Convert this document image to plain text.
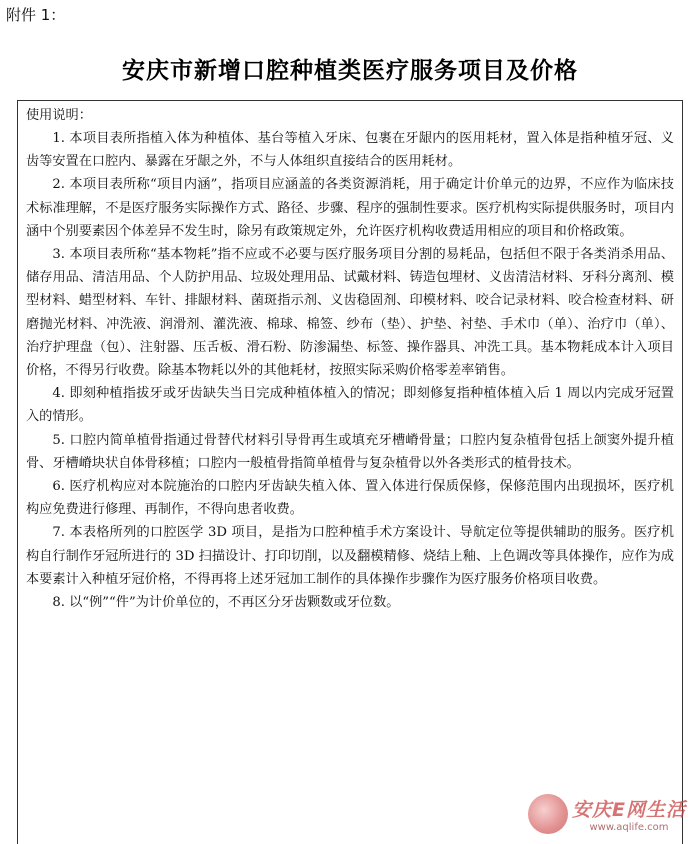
附件 1：
安庆市新增口腔种植类医疗服务项目及价格

使用说明：

1. 本项目表所指植入体为种植体、基台等植入牙床、包裹在牙龈内的医用耗材，置入体是指种植牙冠、义齿等安置在口腔内、暴露在牙龈之外，不与人体组织直接结合的医用耗材。

2. 本项目表所称“项目内涵”，指项目应涵盖的各类资源消耗，用于确定计价单元的边界，不应作为临床技术标准理解，不是医疗服务实际操作方式、路径、步骤、程序的强制性要求。医疗机构实际提供服务时，项目内涵中个别要素因个体差异不发生时，除另有政策规定外，允许医疗机构收费适用相应的项目和价格政策。

3. 本项目表所称“基本物耗”指不应或不必要与医疗服务项目分割的易耗品，包括但不限于各类消杀用品、储存用品、清洁用品、个人防护用品、垃圾处理用品、试戴材料、铸造包埋材、义齿清洁材料、牙科分离剂、模型材料、蜡型材料、车针、排龈材料、菌斑指示剂、义齿稳固剂、印模材料、咬合记录材料、咬合检查材料、研磨抛光材料、冲洗液、润滑剂、灌洗液、棉球、棉签、纱布（垫）、护垫、衬垫、手术巾（单）、治疗巾（单）、治疗护理盘（包）、注射器、压舌板、滑石粉、防渗漏垫、标签、操作器具、冲洗工具。基本物耗成本计入项目价格，不得另行收费。除基本物耗以外的其他耗材，按照实际采购价格零差率销售。

4. 即刻种植指拔牙或牙齿缺失当日完成种植体植入的情况；即刻修复指种植体植入后 1 周以内完成牙冠置入的情形。

5. 口腔内简单植骨指通过骨替代材料引导骨再生或填充牙槽嵴骨量；口腔内复杂植骨包括上颌窦外提升植骨、牙槽嵴块状自体骨移植；口腔内一般植骨指简单植骨与复杂植骨以外各类形式的植骨技术。

6. 医疗机构应对本院施治的口腔内牙齿缺失植入体、置入体进行保质保修，保修范围内出现损坏，医疗机构应免费进行修理、再制作，不得向患者收费。

7. 本表格所列的口腔医学 3D 项目，是指为口腔种植手术方案设计、导航定位等提供辅助的服务。医疗机构自行制作牙冠所进行的 3D 扫描设计、打印切削，以及翻模精修、烧结上釉、上色调改等具体操作，应作为成本要素计入种植牙冠价格，不得再将上述牙冠加工制作的具体操作步骤作为医疗服务价格项目收费。

8. 以“例”“件”为计价单位的，不再区分牙齿颗数或牙位数。

安庆E网生活
www.aqlife.com
